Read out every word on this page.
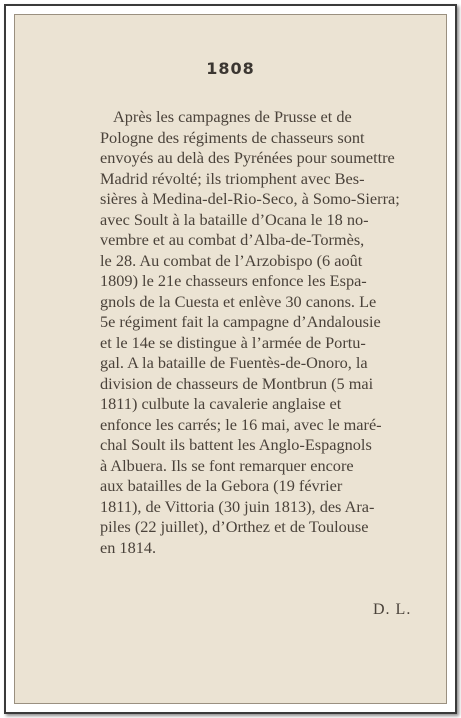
1808
Après les campagnes de Prusse et de
Pologne des régiments de chasseurs sont
envoyés au delà des Pyrénées pour soumettre
Madrid révolté; ils triomphent avec Bes-
sières à Medina-del-Rio-Seco, à Somo-Sierra;
avec Soult à la bataille d’Ocana le 18 no-
vembre et au combat d’Alba-de-Tormès,
le 28. Au combat de l’Arzobispo (6 août
1809) le 21e chasseurs enfonce les Espa-
gnols de la Cuesta et enlève 30 canons. Le
5e régiment fait la campagne d’Andalousie
et le 14e se distingue à l’armée de Portu-
gal. A la bataille de Fuentès-de-Onoro, la
division de chasseurs de Montbrun (5 mai
1811) culbute la cavalerie anglaise et
enfonce les carrés; le 16 mai, avec le maré-
chal Soult ils battent les Anglo-Espagnols
à Albuera. Ils se font remarquer encore
aux batailles de la Gebora (19 février
1811), de Vittoria (30 juin 1813), des Ara-
piles (22 juillet), d’Orthez et de Toulouse
en 1814.
D. L.
